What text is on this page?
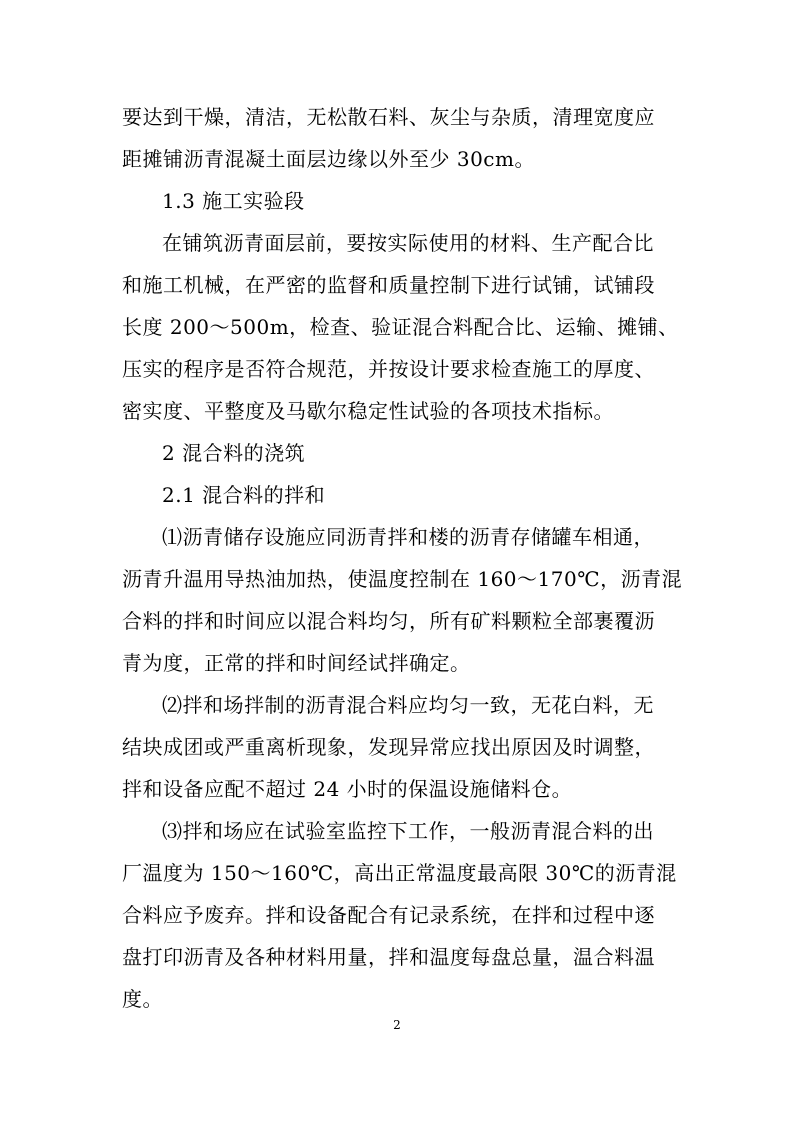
要达到干燥，清洁，无松散石料、灰尘与杂质，清理宽度应
距摊铺沥青混凝土面层边缘以外至少 30cm。
1.3 施工实验段
在铺筑沥青面层前，要按实际使用的材料、生产配合比
和施工机械，在严密的监督和质量控制下进行试铺，试铺段
长度 200～500m，检查、验证混合料配合比、运输、摊铺、
压实的程序是否符合规范，并按设计要求检查施工的厚度、
密实度、平整度及马歇尔稳定性试验的各项技术指标。
2 混合料的浇筑
2.1 混合料的拌和
⑴沥青储存设施应同沥青拌和楼的沥青存储罐车相通，
沥青升温用导热油加热，使温度控制在 160～170℃，沥青混
合料的拌和时间应以混合料均匀，所有矿料颗粒全部裹覆沥
青为度，正常的拌和时间经试拌确定。
⑵拌和场拌制的沥青混合料应均匀一致，无花白料，无
结块成团或严重离析现象，发现异常应找出原因及时调整，
拌和设备应配不超过 24 小时的保温设施储料仓。
⑶拌和场应在试验室监控下工作，一般沥青混合料的出
厂温度为 150～160℃，高出正常温度最高限 30℃的沥青混
合料应予废弃。拌和设备配合有记录系统，在拌和过程中逐
盘打印沥青及各种材料用量，拌和温度每盘总量，温合料温
度。
2
